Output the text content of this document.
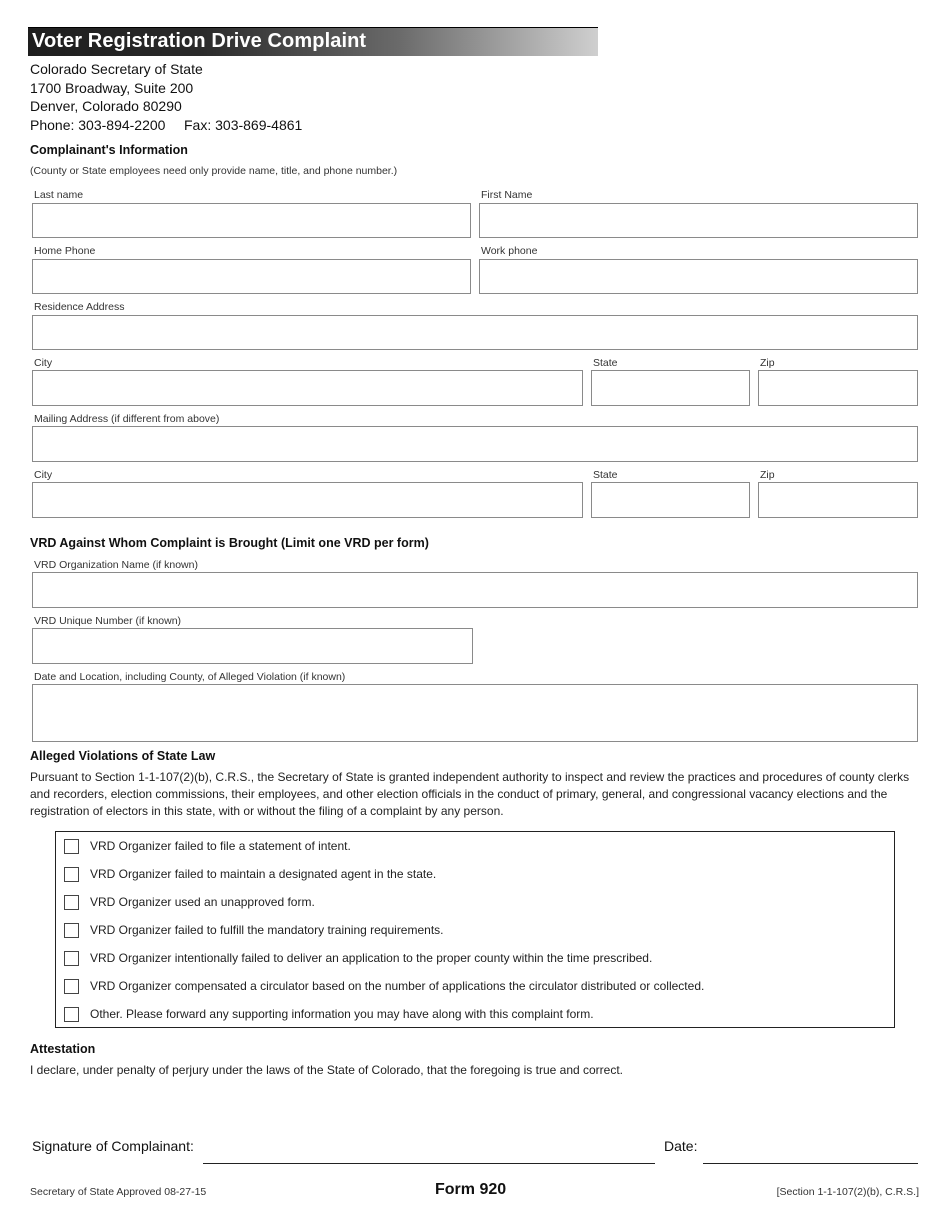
Voter Registration Drive Complaint
Colorado Secretary of State
1700 Broadway, Suite 200
Denver, Colorado 80290
Phone: 303-894-2200 Fax: 303-869-4861
Complainant's Information
(County or State employees need only provide name, title, and phone number.)
Last name	First Name
Home Phone	Work phone
Residence Address
City	State	Zip
Mailing Address (if different from above)
City	State	Zip
VRD Against Whom Complaint is Brought (Limit one VRD per form)
VRD Organization Name (if known)
VRD Unique Number (if known)
Date and Location, including County, of Alleged Violation (if known)
Alleged Violations of State Law
Pursuant to Section 1-1-107(2)(b), C.R.S., the Secretary of State is granted independent authority to inspect and review the practices and procedures of county clerks and recorders, election commissions, their employees, and other election officials in the conduct of primary, general, and congressional vacancy elections and the registration of electors in this state, with or without the filing of a complaint by any person.
VRD Organizer failed to file a statement of intent.
VRD Organizer failed to maintain a designated agent in the state.
VRD Organizer used an unapproved form.
VRD Organizer failed to fulfill the mandatory training requirements.
VRD Organizer intentionally failed to deliver an application to the proper county within the time prescribed.
VRD Organizer compensated a circulator based on the number of applications the circulator distributed or collected.
Other. Please forward any supporting information you may have along with this complaint form.
Attestation
I declare, under penalty of perjury under the laws of the State of Colorado, that the foregoing is true and correct.
Signature of Complainant:	Date:
Secretary of State Approved 08-27-15	Form 920	[Section 1-1-107(2)(b), C.R.S.]
